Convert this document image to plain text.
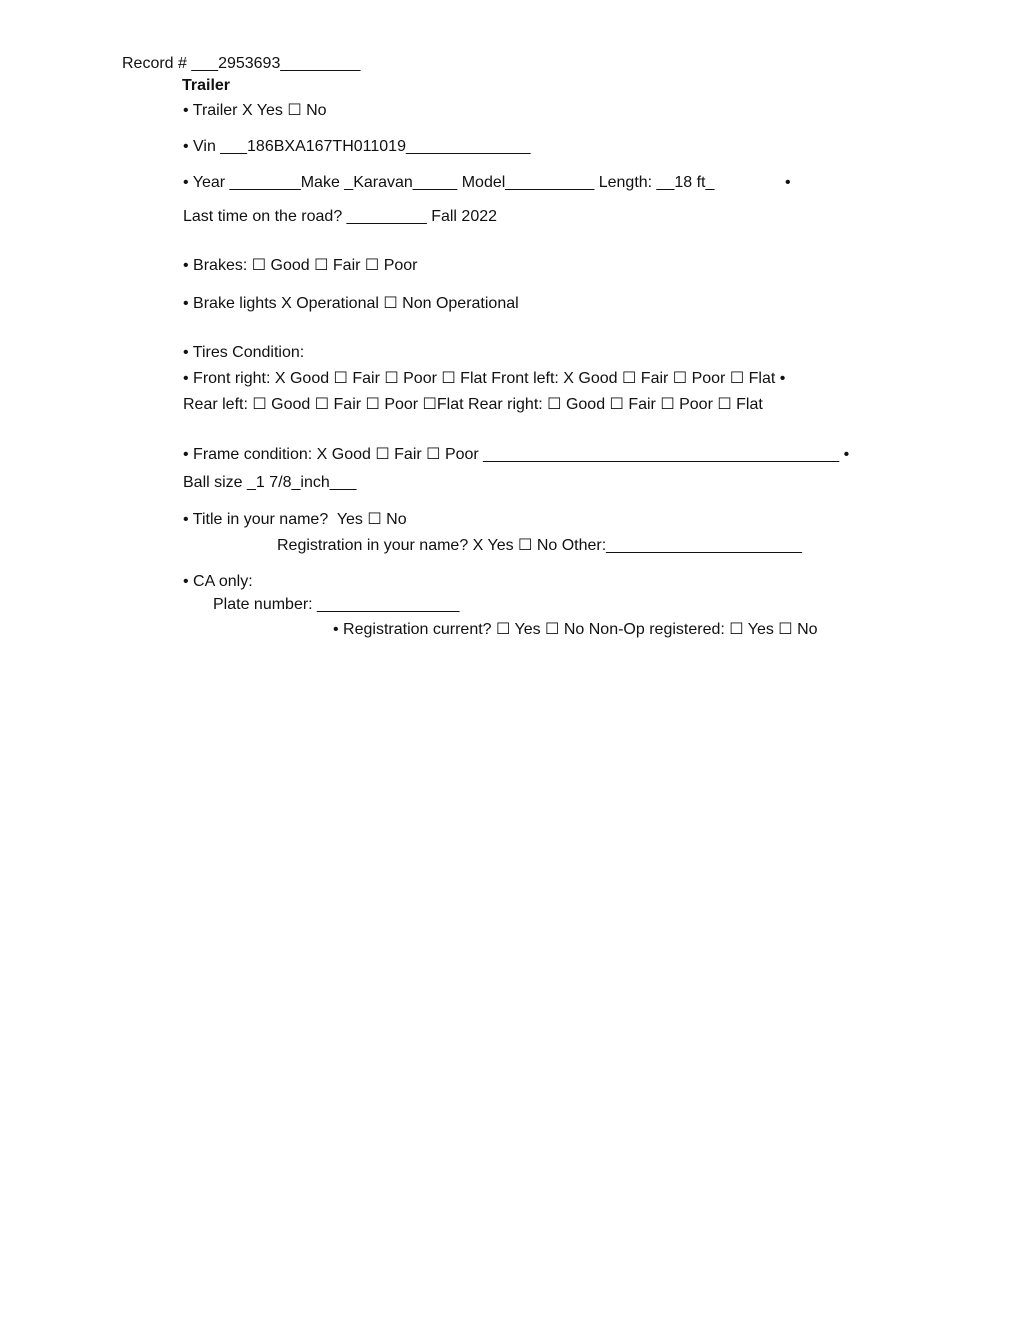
Record # ___2953693_________
Trailer
• Trailer X Yes ☐ No
• Vin ___186BXA167TH011019______________
• Year ________Make _Karavan_____ Model__________ Length: __18 ft_	•
Last time on the road? _________ Fall 2022
• Brakes: ☐ Good ☐ Fair ☐ Poor
• Brake lights X Operational ☐ Non Operational
• Tires Condition:
• Front right: X Good ☐ Fair ☐ Poor ☐ Flat Front left: X Good ☐ Fair ☐ Poor ☐ Flat •
Rear left: ☐ Good ☐ Fair ☐ Poor ☐Flat Rear right: ☐ Good ☐ Fair ☐ Poor ☐ Flat
• Frame condition: X Good ☐ Fair ☐ Poor ________________________________________ •
Ball size _1 7/8_inch___
• Title in your name?  Yes ☐ No
Registration in your name? X Yes ☐ No Other:______________________
• CA only:
Plate number: ________________
• Registration current? ☐ Yes ☐ No Non-Op registered: ☐ Yes ☐ No
